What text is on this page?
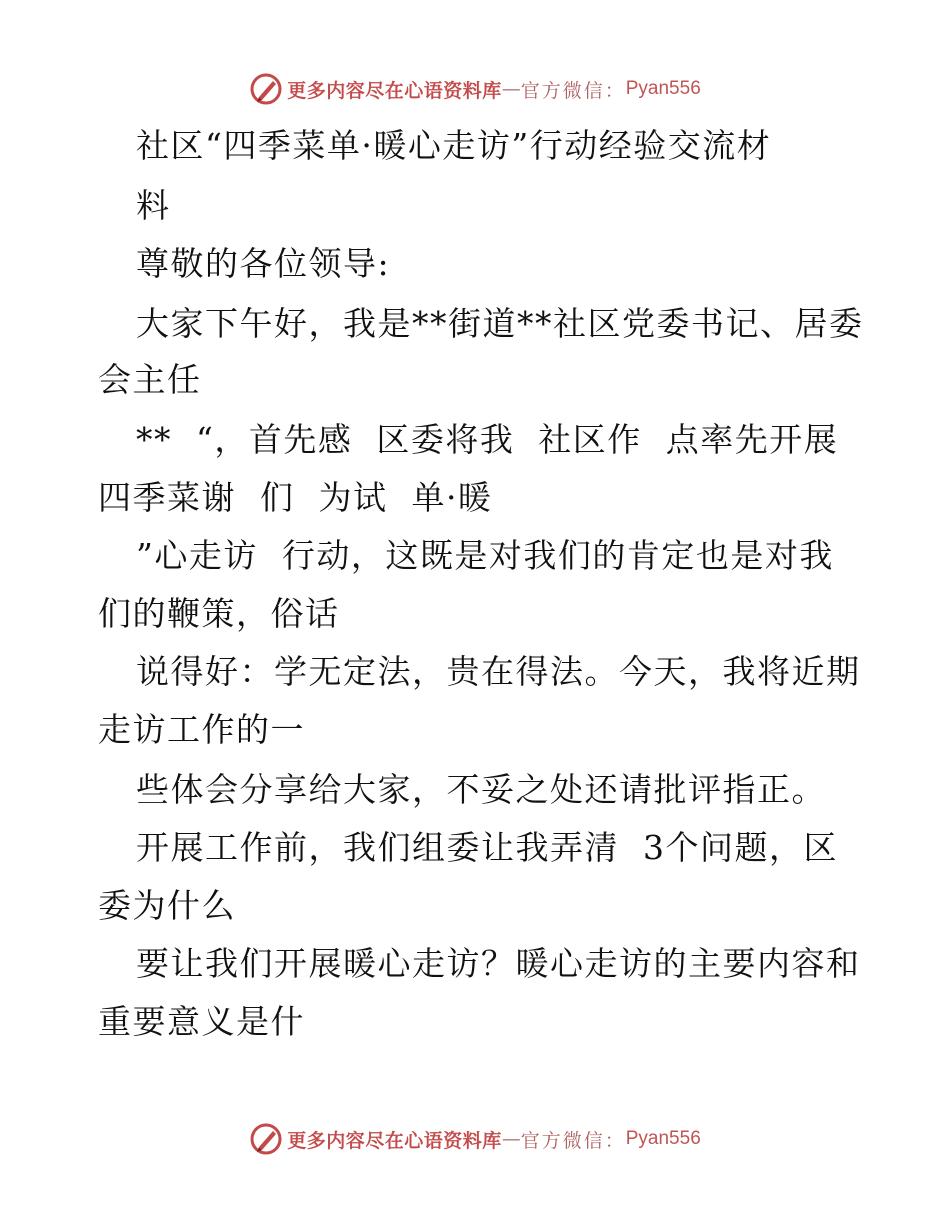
更多内容尽在心语资料库 — 官方微信： Pyan556
社区“四季菜单·暖心走访”行动经验交流材
料
尊敬的各位领导:
大家下午好，我是**街道**社区党委书记、居委
会主任
**  “，首先感  区委将我  社区作  点率先开展
四季菜谢  们  为试  单·暖
”心走访  行动，这既是对我们的肯定也是对我
们的鞭策，俗话
说得好：学无定法，贵在得法。今天，我将近期
走访工作的一
些体会分享给大家，不妥之处还请批评指正。
开展工作前，我们组委让我弄清  3个问题，区
委为什么
要让我们开展暖心走访？暖心走访的主要内容和
重要意义是什
更多内容尽在心语资料库 — 官方微信： Pyan556
